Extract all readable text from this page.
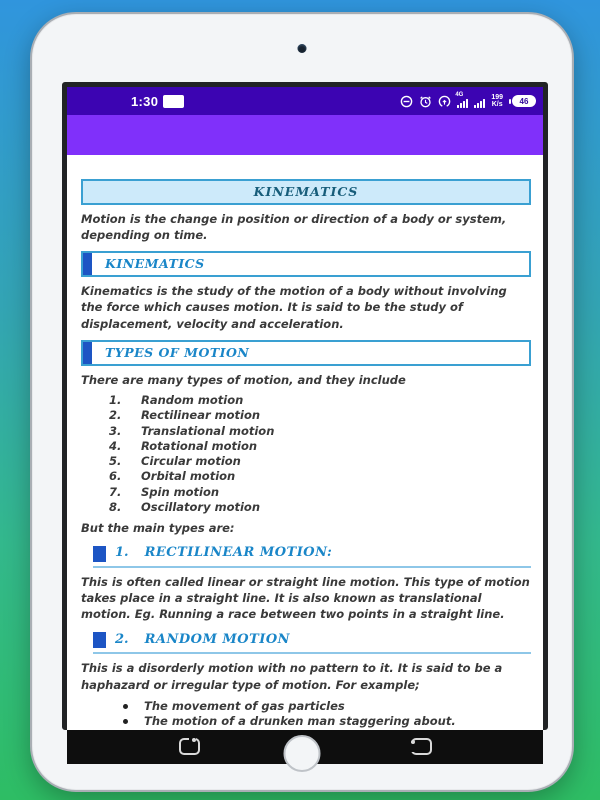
1:30	4G	199
K/s	46
KINEMATICS

Motion is the change in position or direction of a body or system, depending on time.

KINEMATICS

Kinematics is the study of the motion of a body without involving the force which causes motion. It is said to be the study of displacement, velocity and acceleration.

TYPES OF MOTION

There are many types of motion, and they include

1.	Random motion
2.	Rectilinear motion
3.	Translational motion
4.	Rotational motion
5.	Circular motion
6.	Orbital motion
7.	Spin motion
8.	Oscillatory motion

But the main types are:

1. RECTILINEAR MOTION:

This is often called linear or straight line motion. This type of motion takes place in a straight line. It is also known as translational motion. Eg. Running a race between two points in a straight line.

2. RANDOM MOTION

This is a disorderly motion with no pattern to it. It is said to be a haphazard or irregular type of motion. For example;

The movement of gas particles
The motion of a drunken man staggering about.
